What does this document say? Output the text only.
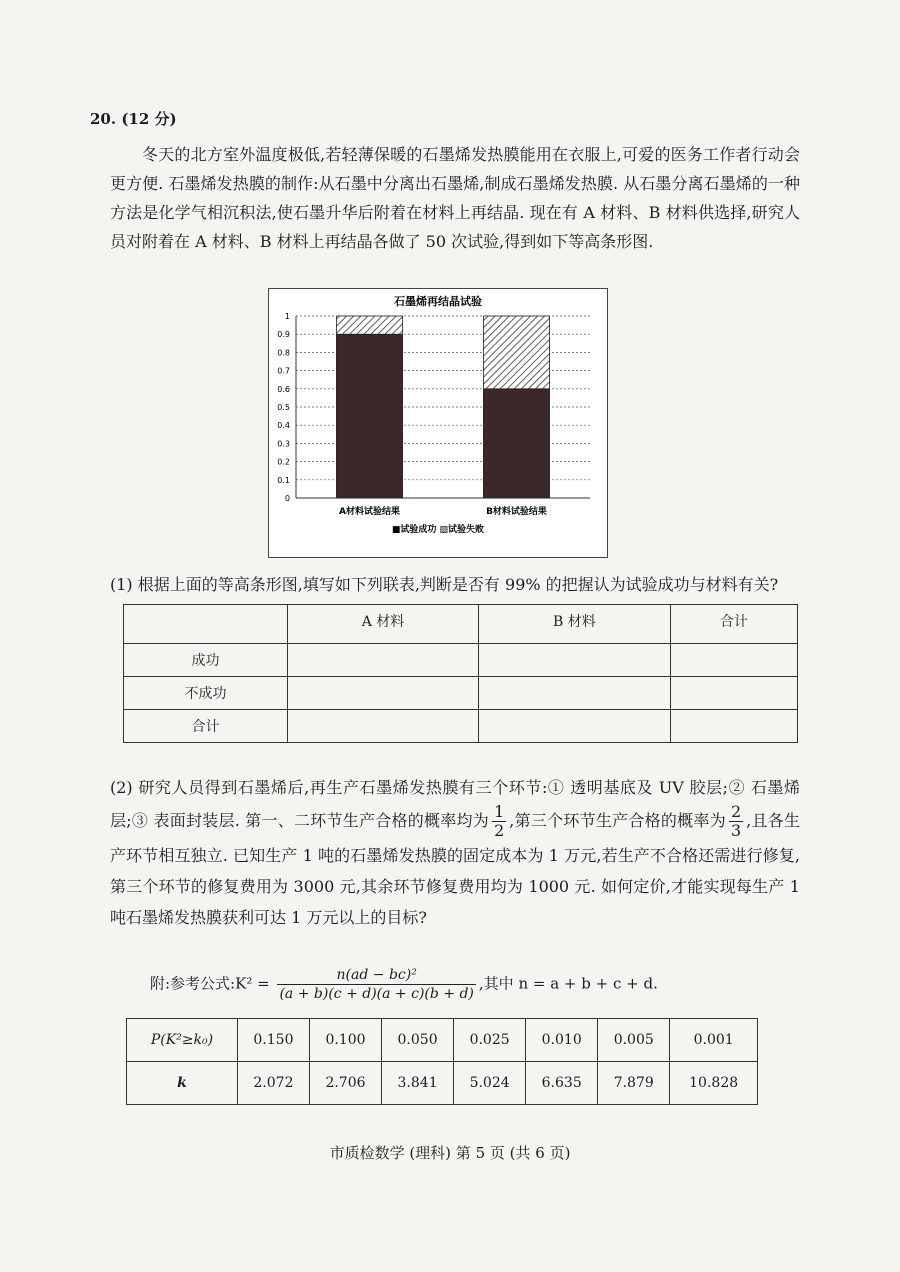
20. (12 分)
冬天的北方室外温度极低,若轻薄保暖的石墨烯发热膜能用在衣服上,可爱的医务工作者行动会更方便. 石墨烯发热膜的制作:从石墨中分离出石墨烯,制成石墨烯发热膜. 从石墨分离石墨烯的一种方法是化学气相沉积法,使石墨升华后附着在材料上再结晶. 现在有 A 材料、B 材料供选择,研究人员对附着在 A 材料、B 材料上再结晶各做了 50 次试验,得到如下等高条形图.
石墨烯再结晶试验
0
0.1
0.2
0.3
0.4
0.5
0.6
0.7
0.8
0.9
1
A材料试验结果	B材料试验结果
■试验成功 ▨试验失败
(1) 根据上面的等高条形图,填写如下列联表,判断是否有 99% 的把握认为试验成功与材料有关?
	A 材料	B 材料	合计
成功			
不成功			
合计			
(2) 研究人员得到石墨烯后,再生产石墨烯发热膜有三个环节:① 透明基底及 UV 胶层;② 石墨烯层;③ 表面封装层. 第一、二环节生产合格的概率均为 $\frac{1}{2}$ ,第三个环节生产合格的概率为 $\frac{2}{3}$ ,且各生产环节相互独立. 已知生产 1 吨的石墨烯发热膜的固定成本为 1 万元,若生产不合格还需进行修复,第三个环节的修复费用为 3000 元,其余环节修复费用均为 1000 元. 如何定价,才能实现每生产 1 吨石墨烯发热膜获利可达 1 万元以上的目标?
附:参考公式:K² = $\frac{\text{n(ad − bc)²}}{(a + b)(c + d)(a + c)(b + d)}$ ,其中 n = a + b + c + d.
P(K²≥k₀)	0.150	0.100	0.050	0.025	0.010	0.005	0.001
k	2.072	2.706	3.841	5.024	6.635	7.879	10.828
市质检数学 (理科) 第 5 页 (共 6 页)
